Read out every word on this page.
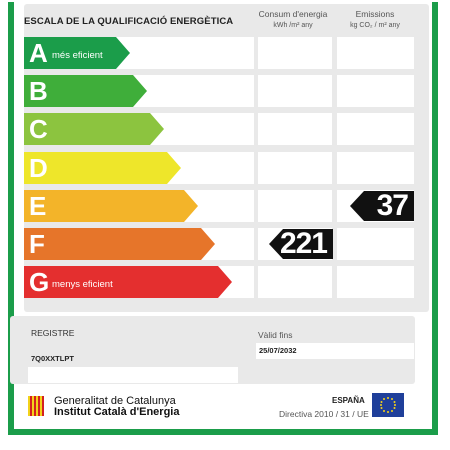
ESCALA DE LA QUALIFICACIÓ ENERGÈTICA
Consum d'energia
kWh /m² any
Emissions
kg CO₂ / m² any
A més eficient
B
C
D
E	37
F	221
G menys eficient
REGISTRE
7Q0XXTLPT
Vàlid fins
25/07/2032
Generalitat de Catalunya
Institut Català d'Energia
ESPAÑA
Directiva 2010 / 31 / UE
